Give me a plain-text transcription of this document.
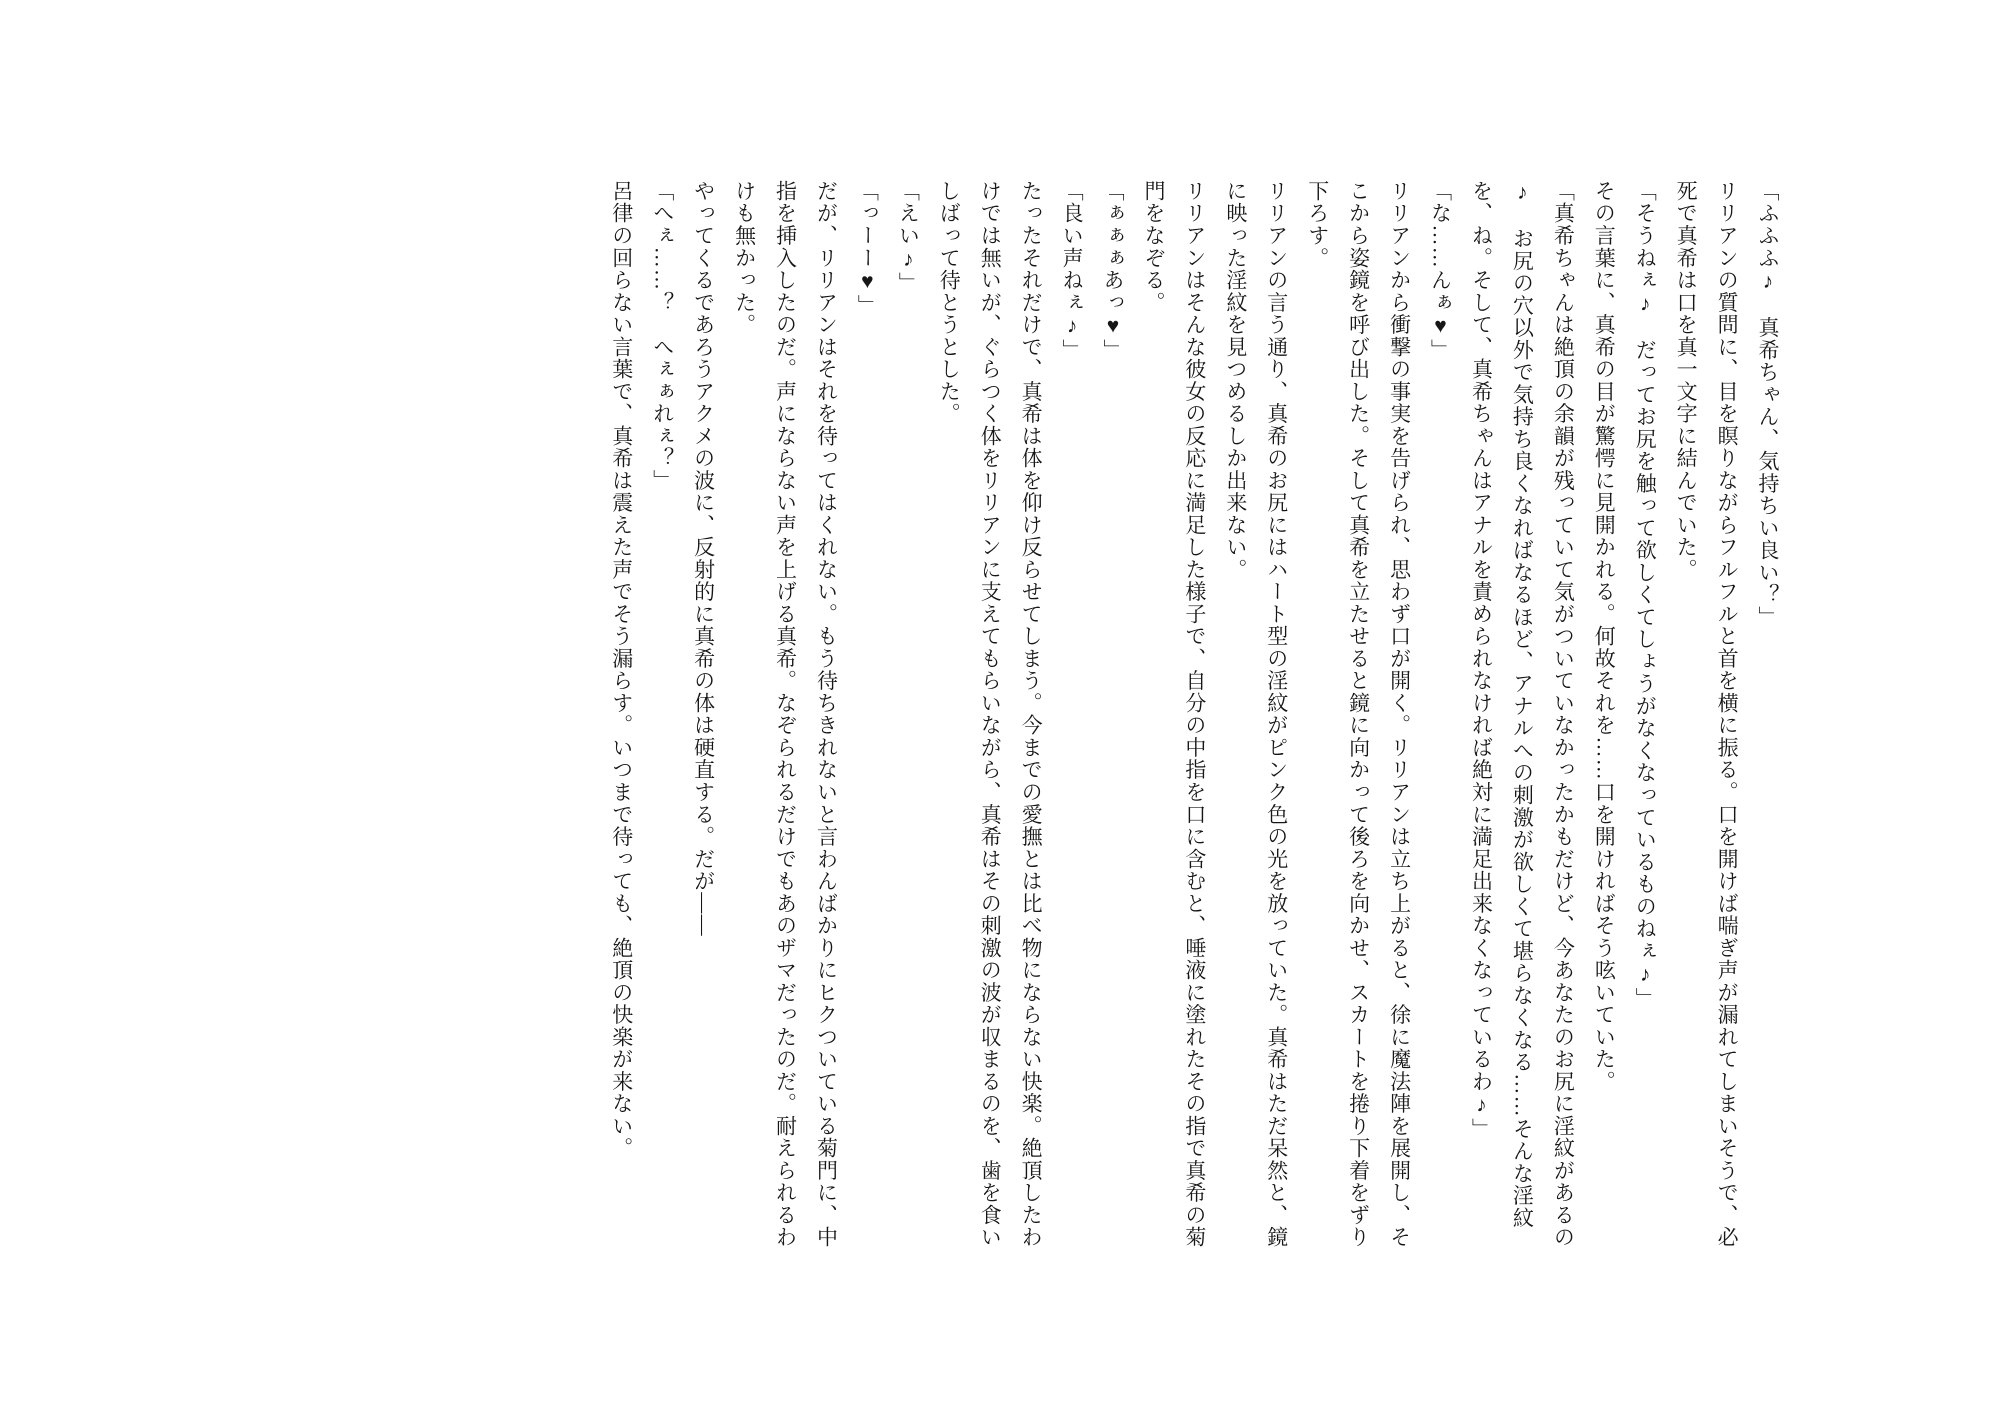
「ふふふ♪　真希ちゃん、気持ちい良い？」

リリアンの質問に、目を瞑りながらフルフルと首を横に振る。口を開けば喘ぎ声が漏れてしまいそうで、必死で真希は口を真一文字に結んでいた。

「そうねぇ♪　だってお尻を触って欲しくてしょうがなくなっているものねぇ♪」

その言葉に、真希の目が驚愕に見開かれる。何故それを……口を開ければそう呟いていた。

「真希ちゃんは絶頂の余韻が残っていて気がついていなかったかもだけど、今あなたのお尻に淫紋があるの♪　お尻の穴以外で気持ち良くなればなるほど、アナルへの刺激が欲しくて堪らなくなる……そんな淫紋を、ね。そして、真希ちゃんはアナルを責められなければ絶対に満足出来なくなっているわ♪」

「な……んぁ♥」

リリアンから衝撃の事実を告げられ、思わず口が開く。リリアンは立ち上がると、徐に魔法陣を展開し、そこから姿鏡を呼び出した。そして真希を立たせると鏡に向かって後ろを向かせ、スカートを捲り下着をずり下ろす。

リリアンの言う通り、真希のお尻にはハート型の淫紋がピンク色の光を放っていた。真希はただ呆然と、鏡に映った淫紋を見つめるしか出来ない。

リリアンはそんな彼女の反応に満足した様子で、自分の中指を口に含むと、唾液に塗れたその指で真希の菊門をなぞる。

「ぁぁぁあっ♥」

「良い声ねぇ♪」

たったそれだけで、真希は体を仰け反らせてしまう。今までの愛撫とは比べ物にならない快楽。絶頂したわけでは無いが、ぐらつく体をリリアンに支えてもらいながら、真希はその刺激の波が収まるのを、歯を食いしばって待とうとした。

「えい♪」

「っーー♥」

だが、リリアンはそれを待ってはくれない。もう待ちきれないと言わんばかりにヒクついている菊門に、中指を挿入したのだ。声にならない声を上げる真希。なぞられるだけでもあのザマだったのだ。耐えられるわけも無かった。

やってくるであろうアクメの波に、反射的に真希の体は硬直する。だが——

「へぇ……？　へぇぁれぇ？」

呂律の回らない言葉で、真希は震えた声でそう漏らす。いつまで待っても、絶頂の快楽が来ない。
